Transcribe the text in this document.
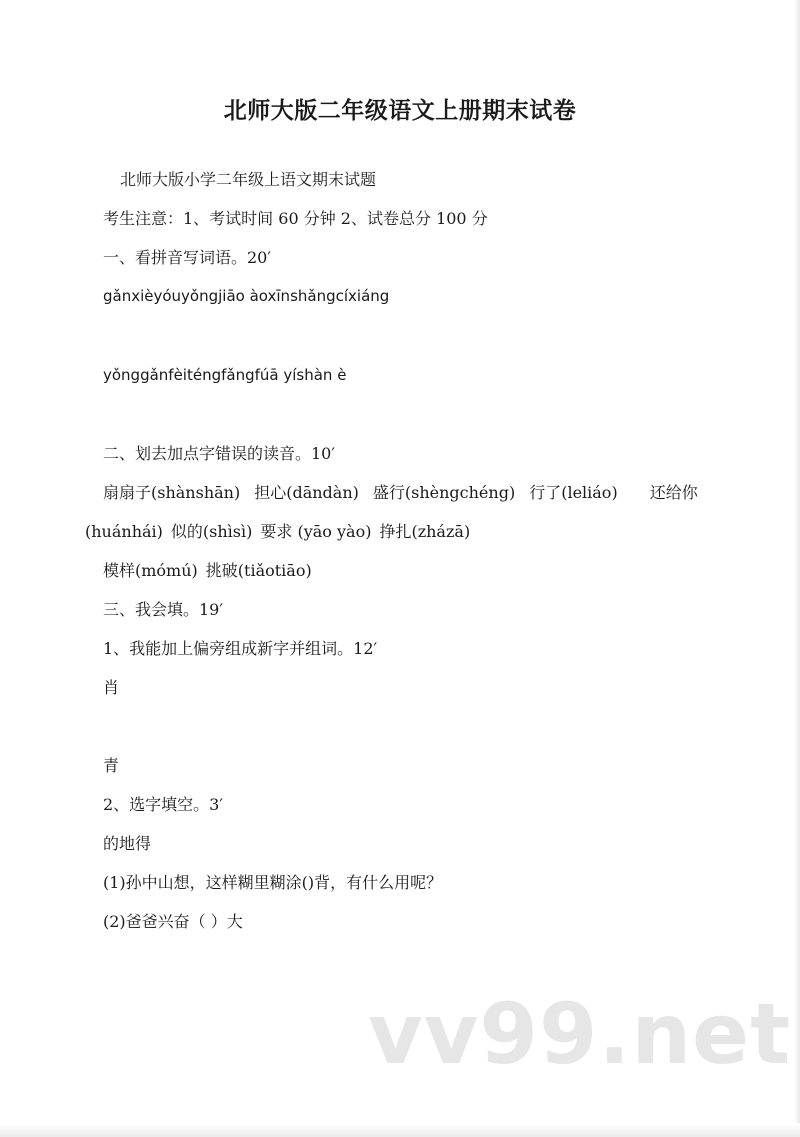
北师大版二年级语文上册期末试卷
北师大版小学二年级上语文期末试题
考生注意：1、考试时间 60 分钟 2、试卷总分 100 分
一、看拼音写词语。20′
gǎnxièyóuyǒngjiāo àoxīnshǎngcíxiáng
yǒnggǎnfèiténgfǎngfúā yíshàn è
二、划去加点字错误的读音。10′
扇扇子(shànshān) 担心(dāndàn) 盛行(shèngchéng) 行了(leliáo) 还给你
(huánhái) 似的(shìsì) 要求 (yāo yào) 挣扎(zházā)
模样(mómú) 挑破(tiǎotiāo)
三、我会填。19′
1、我能加上偏旁组成新字并组词。12′
肖
青
2、选字填空。3′
的地得
(1)孙中山想，这样糊里糊涂()背，有什么用呢？
(2)爸爸兴奋（ ）大
vv99.net
